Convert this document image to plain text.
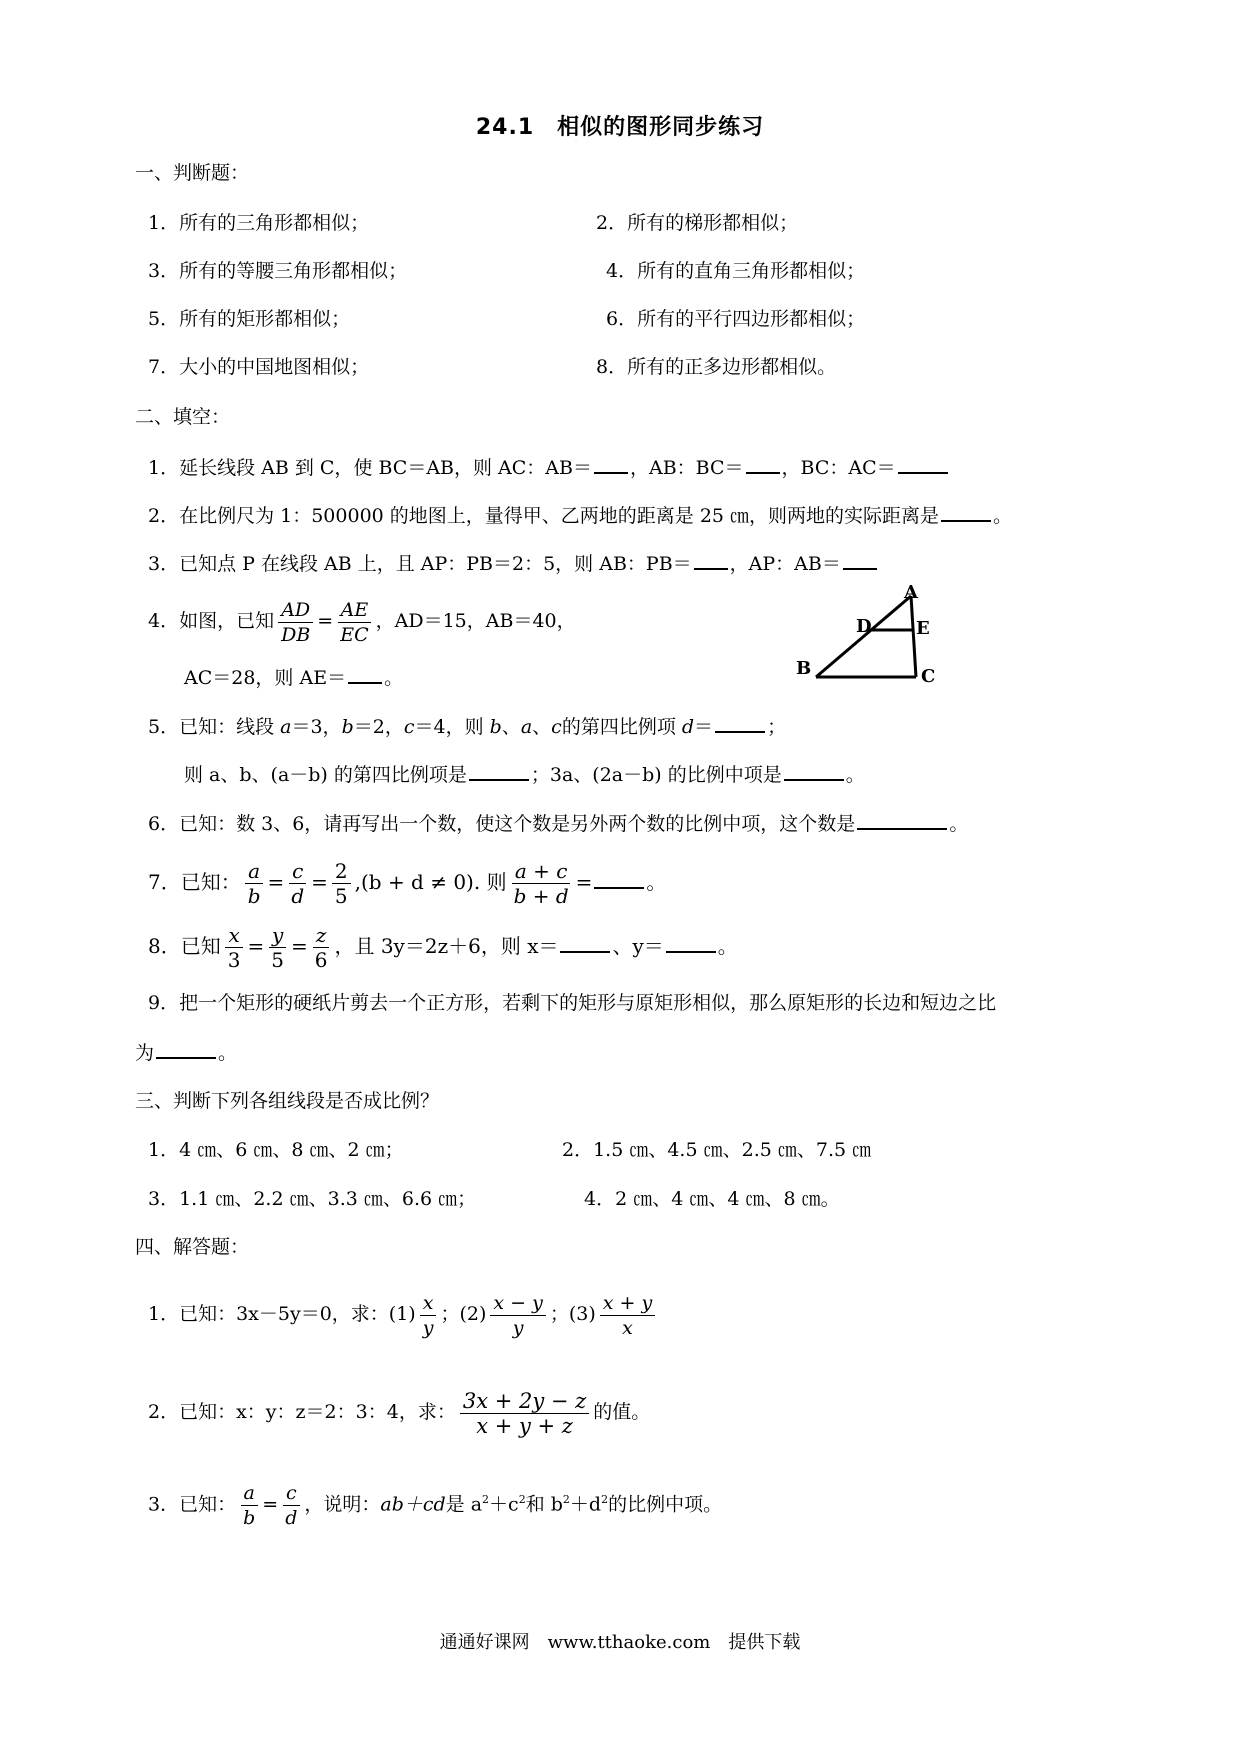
24.1　相似的图形同步练习
一、判断题：
1．所有的三角形都相似；	2．所有的梯形都相似；
3．所有的等腰三角形都相似；	4．所有的直角三角形都相似；
5．所有的矩形都相似；	6．所有的平行四边形都相似；
7．大小的中国地图相似；	8．所有的正多边形都相似。
二、填空：
1．延长线段 AB 到 C，使 BC＝AB，则 AC：AB＝ ，AB：BC＝ ，BC：AC＝
2．在比例尺为 1：500000 的地图上，量得甲、乙两地的距离是 25 ㎝，则两地的实际距离是	。
3．已知点 P 在线段 AB 上，且 AP：PB＝2：5，则 AB：PB＝ ，AP：AB＝
4．如图，已知 $\frac{AD}{DB} = \frac{AE}{EC}$ ，AD＝15，AB＝40，
AC＝28，则 AE＝ 。
A
D E
B	C
5．已知：线段 a＝3，b＝2，c＝4，则 b、a、c的第四比例项 d＝	；
则 a、b、(a－b) 的第四比例项是	；3a、(2a－b) 的比例中项是	。
6．已知：数 3、6，请再写出一个数，使这个数是另外两个数的比例中项，这个数是	。
7．已知： $\frac{a}{b} = \frac{c}{d} = \frac{2}{5} ,(b + d \ne 0)$. 则 $\frac{a + c}{b + d}$ =	。
8．已知 $\frac{x}{3} = \frac{y}{5} = \frac{z}{6}$ ，且 3y＝2z＋6，则 x＝	、y＝	。
9．把一个矩形的硬纸片剪去一个正方形，若剩下的矩形与原矩形相似，那么原矩形的长边和短边之比
为	。
三、判断下列各组线段是否成比例？
1．4 ㎝、6 ㎝、8 ㎝、2 ㎝；	2．1.5 ㎝、4.5 ㎝、2.5 ㎝、7.5 ㎝
3．1.1 ㎝、2.2 ㎝、3.3 ㎝、6.6 ㎝；	4．2 ㎝、4 ㎝、4 ㎝、8 ㎝。
四、解答题：
1．已知：3x－5y＝0，求：$(1) \frac{x}{y}$ ；$(2) \frac{x - y}{y}$ ；$(3) \frac{x + y}{x}$
2．已知：x：y：z＝2：3：4，求： $\frac{3x + 2y - z}{x + y + z}$ 的值。
3．已知： $\frac{a}{b} = \frac{c}{d}$ ，说明：ab＋cd是 $a^2+c^2$和 $b^2+d^2$的比例中项。
通通好课网　www.tthaoke.com　提供下载
